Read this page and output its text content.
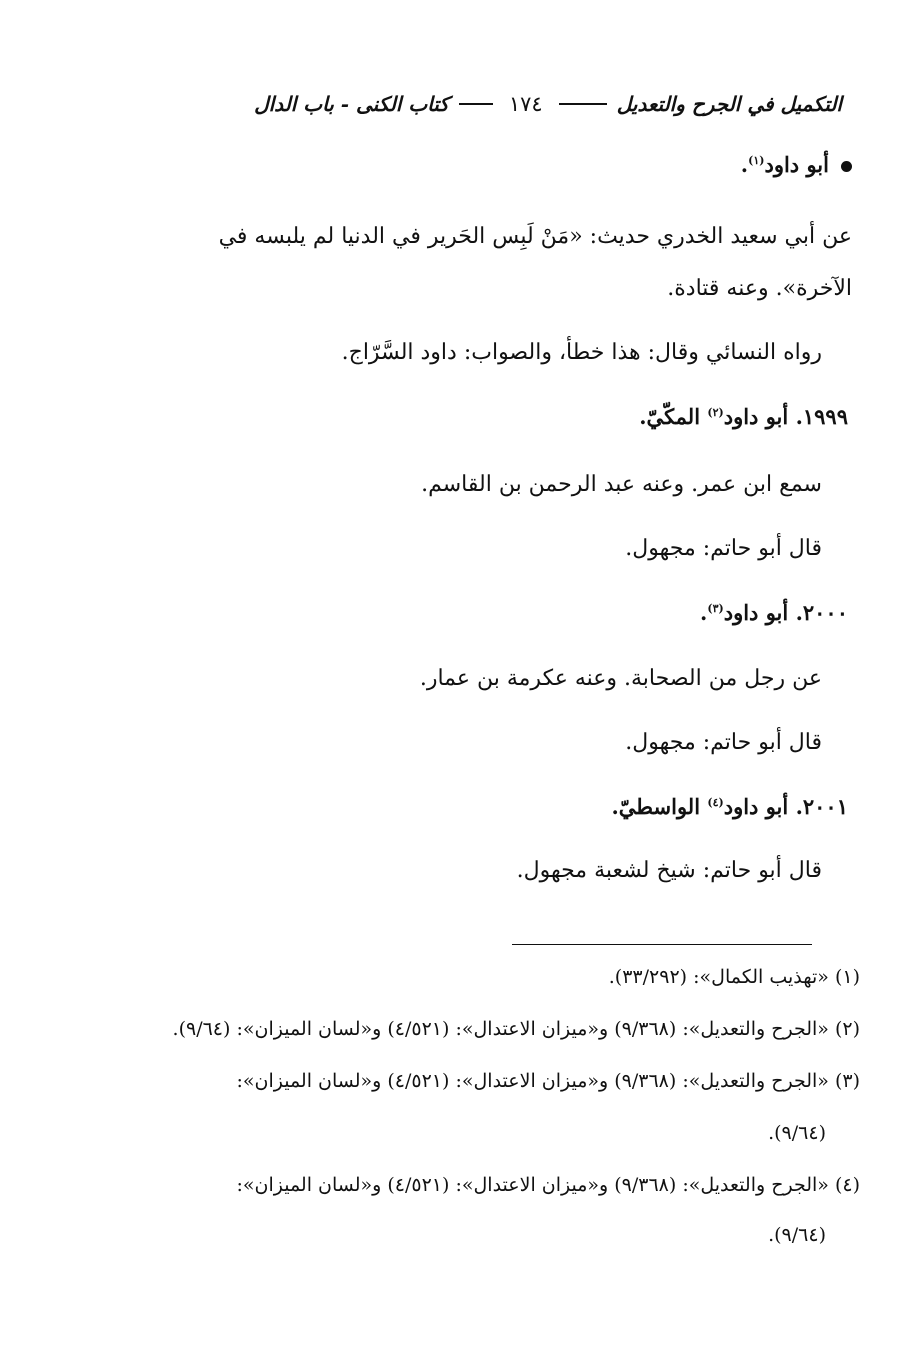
التكميل في الجرح والتعديل
١٧٤
كتاب الكنى - باب الدال
أبو داود$^{(١)}$.
عن أبي سعيد الخدري حديث: «مَنْ لَبِس الحَرير في الدنيا لم يلبسه في
الآخرة». وعنه قتادة.
رواه النسائي وقال: هذا خطأ، والصواب: داود السَّرّاج.
١٩٩٩. أبو داود$^{(٢)}$ المكّيّ.
سمع ابن عمر. وعنه عبد الرحمن بن القاسم.
قال أبو حاتم: مجهول.
٢٠٠٠. أبو داود$^{(٣)}$.
عن رجل من الصحابة. وعنه عكرمة بن عمار.
قال أبو حاتم: مجهول.
٢٠٠١. أبو داود$^{(٤)}$ الواسطيّ.
قال أبو حاتم: شيخ لشعبة مجهول.
(١) «تهذيب الكمال»: (٣٣/٢٩٢).
(٢) «الجرح والتعديل»: (٩/٣٦٨) و«ميزان الاعتدال»: (٤/٥٢١) و«لسان الميزان»: (٩/٦٤).
(٣) «الجرح والتعديل»: (٩/٣٦٨) و«ميزان الاعتدال»: (٤/٥٢١) و«لسان الميزان»:
(٩/٦٤).
(٤) «الجرح والتعديل»: (٩/٣٦٨) و«ميزان الاعتدال»: (٤/٥٢١) و«لسان الميزان»:
(٩/٦٤).
